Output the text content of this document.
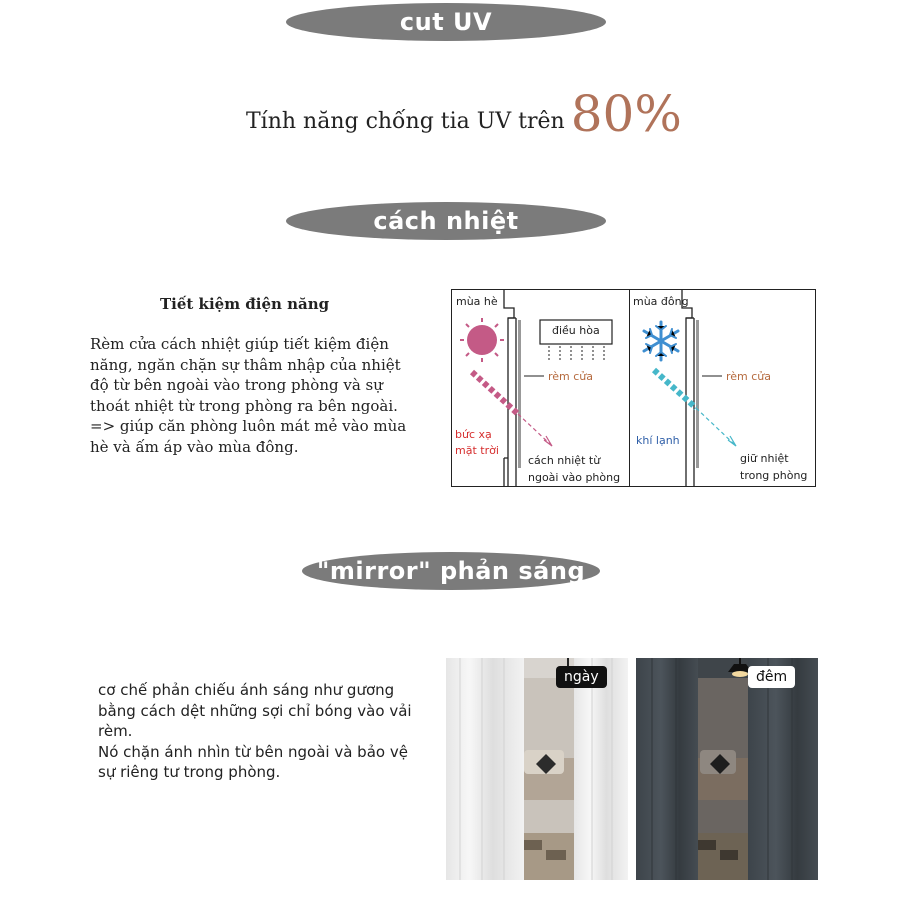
cut UV
Tính năng chống tia UV trên 80%
cách nhiệt
Tiết kiệm điện năng
Rèm cửa cách nhiệt giúp tiết kiệm điện năng, ngăn chặn sự thâm nhập của nhiệt độ từ bên ngoài vào trong phòng và sự thoát nhiệt từ trong phòng ra bên ngoài. => giúp căn phòng luôn mát mẻ vào mùa hè và ấm áp vào mùa đông.
mùa hè
điều hòa
rèm cửa
bức xạ
mặt trời
cách nhiệt từ
ngoài vào phòng
mùa đông
rèm cửa
khí lạnh
giữ nhiệt
trong phòng
"mirror" phản sáng
cơ chế phản chiếu ánh sáng như gương bằng cách dệt những sợi chỉ bóng vào vải rèm.
Nó chặn ánh nhìn từ bên ngoài và bảo vệ sự riêng tư trong phòng.
ngày	đêm
